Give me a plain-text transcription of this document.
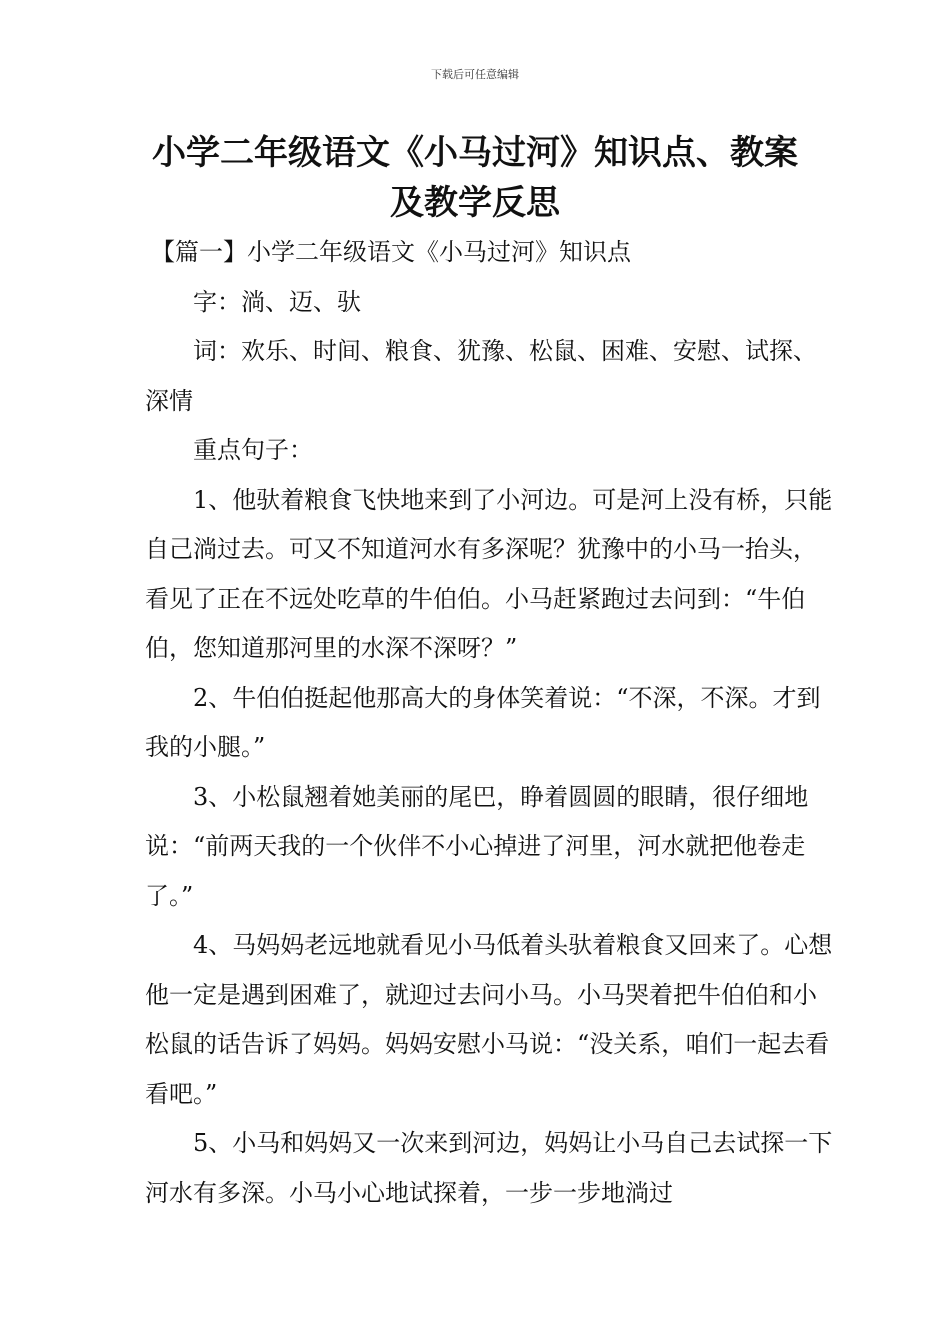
下载后可任意编辑
小学二年级语文《小马过河》知识点、教案及教学反思

【篇一】小学二年级语文《小马过河》知识点

字：淌、迈、驮

词：欢乐、时间、粮食、犹豫、松鼠、困难、安慰、试探、深情

重点句子：

1、他驮着粮食飞快地来到了小河边。可是河上没有桥，只能自己淌过去。可又不知道河水有多深呢？犹豫中的小马一抬头，看见了正在不远处吃草的牛伯伯。小马赶紧跑过去问到：“牛伯伯，您知道那河里的水深不深呀？”

2、牛伯伯挺起他那高大的身体笑着说：“不深，不深。才到我的小腿。”

3、小松鼠翘着她美丽的尾巴，睁着圆圆的眼睛，很仔细地说：“前两天我的一个伙伴不小心掉进了河里，河水就把他卷走了。”

4、马妈妈老远地就看见小马低着头驮着粮食又回来了。心想他一定是遇到困难了，就迎过去问小马。小马哭着把牛伯伯和小松鼠的话告诉了妈妈。妈妈安慰小马说：“没关系，咱们一起去看看吧。”

5、小马和妈妈又一次来到河边，妈妈让小马自己去试探一下河水有多深。小马小心地试探着，一步一步地淌过
